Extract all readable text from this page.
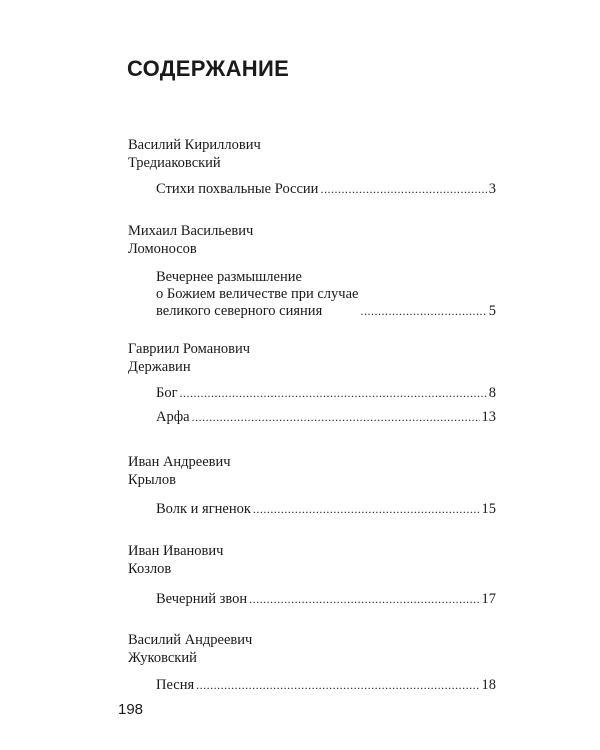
СОДЕРЖАНИЕ
Василий Кириллович
Тредиаковский
Стихи похвальные России .....	3
Михаил Васильевич
Ломоносов
Вечернее размышление
о Божием величестве при случае
великого северного сияния .....	5
Гавриил Романович
Державин
Бог .....	8
Арфа .....	13
Иван Андреевич
Крылов
Волк и ягненок .....	15
Иван Иванович
Козлов
Вечерний звон .....	17
Василий Андреевич
Жуковский
Песня .....	18
198
